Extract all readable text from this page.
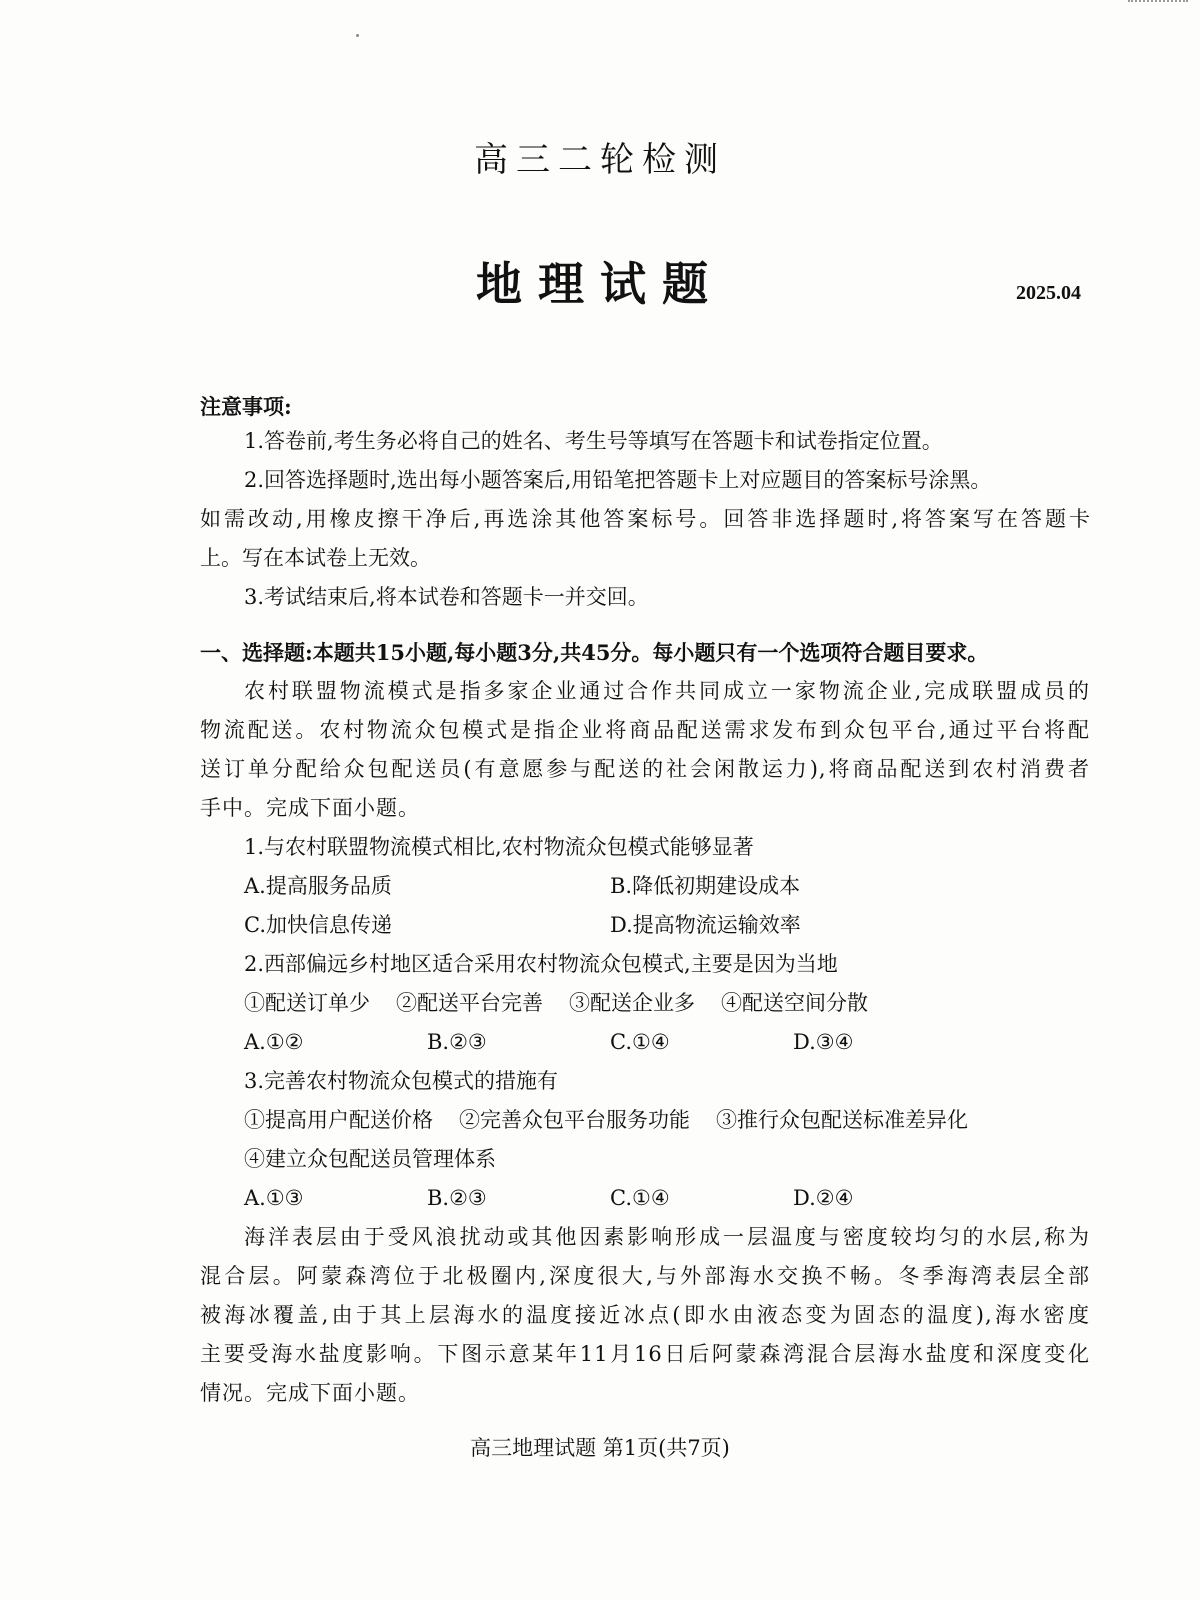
高三二轮检测
地理试题	2025.04
注意事项:
1.答卷前,考生务必将自己的姓名、考生号等填写在答题卡和试卷指定位置。
2.回答选择题时,选出每小题答案后,用铅笔把答题卡上对应题目的答案标号涂黑。
如需改动,用橡皮擦干净后,再选涂其他答案标号。回答非选择题时,将答案写在答题卡
上。写在本试卷上无效。
3.考试结束后,将本试卷和答题卡一并交回。
一、选择题:本题共15小题,每小题3分,共45分。每小题只有一个选项符合题目要求。
农村联盟物流模式是指多家企业通过合作共同成立一家物流企业,完成联盟成员的
物流配送。农村物流众包模式是指企业将商品配送需求发布到众包平台,通过平台将配
送订单分配给众包配送员(有意愿参与配送的社会闲散运力),将商品配送到农村消费者
手中。完成下面小题。
1.与农村联盟物流模式相比,农村物流众包模式能够显著
A.提高服务品质	B.降低初期建设成本
C.加快信息传递	D.提高物流运输效率
2.西部偏远乡村地区适合采用农村物流众包模式,主要是因为当地
①配送订单少 ②配送平台完善 ③配送企业多 ④配送空间分散
A.①②	B.②③	C.①④	D.③④
3.完善农村物流众包模式的措施有
①提高用户配送价格 ②完善众包平台服务功能 ③推行众包配送标准差异化
④建立众包配送员管理体系
A.①③	B.②③	C.①④	D.②④
海洋表层由于受风浪扰动或其他因素影响形成一层温度与密度较均匀的水层,称为
混合层。阿蒙森湾位于北极圈内,深度很大,与外部海水交换不畅。冬季海湾表层全部
被海冰覆盖,由于其上层海水的温度接近冰点(即水由液态变为固态的温度),海水密度
主要受海水盐度影响。下图示意某年11月16日后阿蒙森湾混合层海水盐度和深度变化
情况。完成下面小题。
高三地理试题 第1页(共7页)
